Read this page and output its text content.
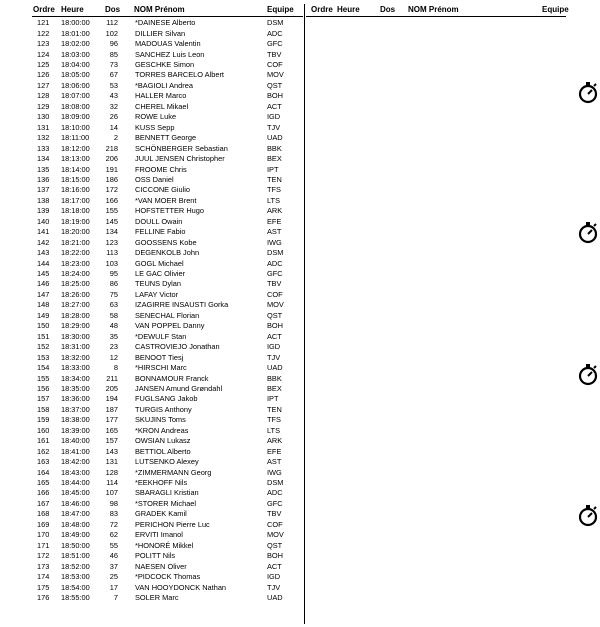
Ordre Heure	Dos NOM Prénom	Equipe Ordre Heure	Dos NOM Prénom	Equipe
121 18:00:00 112 *DAINESE Alberto	DSM
122 18:01:00 102 DILLIER Silvan	ADC
123 18:02:00	96 MADOUAS Valentin	GFC
124 18:03:00	85 SANCHEZ Luis Leon	TBV
125 18:04:00	73 GESCHKE Simon	COF
126 18:05:00	67 TORRES BARCELO Albert	MOV
127 18:06:00	53 *BAGIOLI Andrea	QST
128 18:07:00	43 HALLER Marco	BOH
129 18:08:00	32 CHEREL Mikael	ACT
130 18:09:00	26 ROWE Luke	IGD
131 18:10:00	14 KUSS Sepp	TJV
132 18:11:00	2 BENNETT George	UAD
133 18:12:00 218 SCHÖNBERGER Sebastian	BBK
134 18:13:00 206 JUUL JENSEN Christopher	BEX
135 18:14:00 191 FROOME Chris	IPT
136 18:15:00 186 OSS Daniel	TEN
137 18:16:00 172 CICCONE Giulio	TFS
138 18:17:00 166 *VAN MOER Brent	LTS
139 18:18:00 155 HOFSTETTER Hugo	ARK
140 18:19:00 145 DOULL Owain	EFE
141 18:20:00 134 FELLINE Fabio	AST
142 18:21:00 123 GOOSSENS Kobe	IWG
143 18:22:00 113 DEGENKOLB John	DSM
144 18:23:00 103 GOGL Michael	ADC
145 18:24:00	95 LE GAC Olivier	GFC
146 18:25:00	86 TEUNS Dylan	TBV
147 18:26:00	75 LAFAY Victor	COF
148 18:27:00	63 IZAGIRRE INSAUSTI Gorka	MOV
149 18:28:00	58 SENECHAL Florian	QST
150 18:29:00	48 VAN POPPEL Danny	BOH
151 18:30:00	35 *DEWULF Stan	ACT
152 18:31:00	23 CASTROVIEJO Jonathan	IGD
153 18:32:00	12 BENOOT Tiesj	TJV
154 18:33:00	8 *HIRSCHI Marc	UAD
155 18:34:00 211 BONNAMOUR Franck	BBK
156 18:35:00 205 JANSEN Amund Grøndahl	BEX
157 18:36:00 194 FUGLSANG Jakob	IPT
158 18:37:00 187 TURGIS Anthony	TEN
159 18:38:00 177 SKUJINS Toms	TFS
160 18:39:00 165 *KRON Andreas	LTS
161 18:40:00 157 OWSIAN Lukasz	ARK
162 18:41:00 143 BETTIOL Alberto	EFE
163 18:42:00 131 LUTSENKO Alexey	AST
164 18:43:00 128 *ZIMMERMANN Georg	IWG
165 18:44:00 114 *EEKHOFF Nils	DSM
166 18:45:00 107 SBARAGLI Kristian	ADC
167 18:46:00	98 *STORER Michael	GFC
168 18:47:00	83 GRADEK Kamil	TBV
169 18:48:00	72 PERICHON Pierre Luc	COF
170 18:49:00	62 ERVITI Imanol	MOV
171 18:50:00	55 *HONORÉ Mikkel	QST
172 18:51:00	46 POLITT Nils	BOH
173 18:52:00	37 NAESEN Oliver	ACT
174 18:53:00	25 *PIDCOCK Thomas	IGD
175 18:54:00	17 VAN HOOYDONCK Nathan	TJV
176 18:55:00	7 SOLER Marc	UAD
